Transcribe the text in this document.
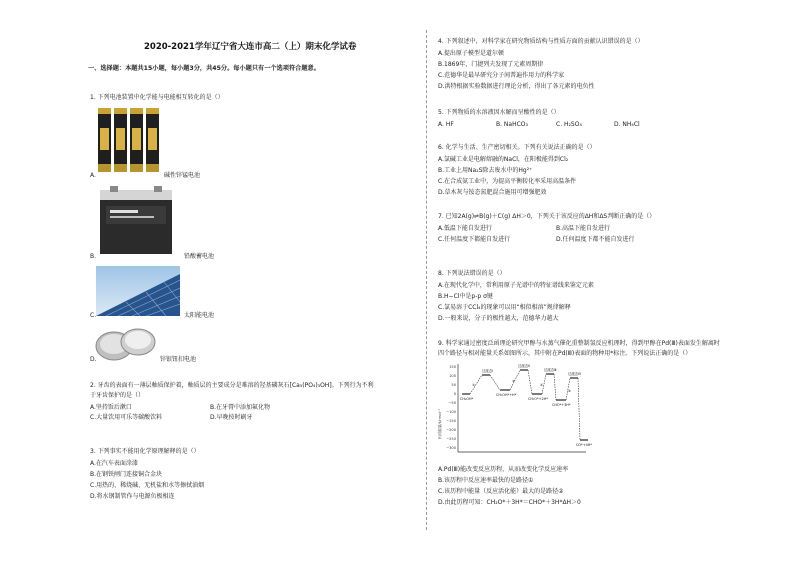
2020-2021学年辽宁省大连市高二（上）期末化学试卷
一、选择题：本题共15小题，每小题3分，共45分。每小题只有一个选项符合题意。
1. 下列电池装置中化学能与电能相互转化的是（）
A.	碱性锌锰电池
B.	铅酸蓄电池
C.	太阳能电池
D.	锌银钮扣电池
2. 牙齿的表面有一薄层釉质保护着，釉质层的主要成分是难溶的羟基磷灰石[Ca₅(PO₄)₃OH]。下列行为不利
于牙齿保护的是（）
A.坚持饭后漱口	B.在牙膏中添加氟化物
C.大量饮用可乐等碳酸饮料	D.早晚按时刷牙
3. 下列事实不能用化学原理解释的是（）
A.在汽车表面涂漆
B.在钢铁闸门连接铜合金块
C.用热的、稀烧碱、无机盐和水等擦拭油烟
D.将水钢制管作与电源负极相连
4. 下列叙述中，对科学家在研究物质结构与性质方面的贡献认识错误的是（）
A.提出原子模型是道尔顿
B.1869年，门捷列夫发现了元素周期律
C.范德华是最早研究分子间普遍作用力的科学家
D.洪特根据实验数据进行理论分析，得出了各元素的电负性
5. 下列物质的水溶液因水解而呈酸性的是（）
A. HF	B. NaHCO₃	C. H₂SO₄	D. NH₄Cl
6. 化学与生活、生产密切相关。下列有关说法正确的是（）
A.氯碱工业是电解熔融的NaCl，在阳极能得到Cl₂
B.工业上用Na₂S除去废水中的Hg²⁺
C.在合成氨工业中，为提高平衡转化率采用高温条件
D.草木灰与铵态氮肥混合施用可增强肥效
7. 已知2A(g)⇌B(g)＋C(g) ΔH＞0，下列关于该反应的ΔH和ΔS判断正确的是（）
A.低温下能自发进行	B.高温下能自发进行
C.任何温度下都能自发进行	D.任何温度下都不能自发进行
8. 下列说法错误的是（）
A.在现代化学中，常利用原子光谱中的特征谱线来鉴定元素
B.H−Cl中是p-p σ键
C.氯易溶于CCl₄的现象可以用“相似相溶”规律解释
D.一般来说，分子的极性越大，范德华力越大
9. 科学家通过密度泛函理论研究甲醇与水蒸气催化重整制氢反应机理时，得到甲醇在Pd(Ⅲ)表面发生解离时
四个路径与相对能量关系如图所示，其中附在Pd(Ⅲ)表面的物种用*标注。下列说法正确的是（）
相对能量/kJ·mol⁻¹
150
100
50
0
−50
−100
−150
−200
−250
−300
过渡态Ⅰ
过渡态Ⅱ
过渡态Ⅲ
过渡态Ⅳ
CH₃OH*
CH₂OH*+H*
CH₂O*+2H*
CHO*+3H*
CO*+4H*
①
②
③
④
A.Pd(Ⅲ)能改变反应历程，从而改变化学反应速率
B.该历程中反应速率最快的是路径①
C.该历程中能量（反应活化能）最大的是路径②
D.由此历程可知：CH₂O*＋3H*＝CHO*＋3H*ΔH＞0
